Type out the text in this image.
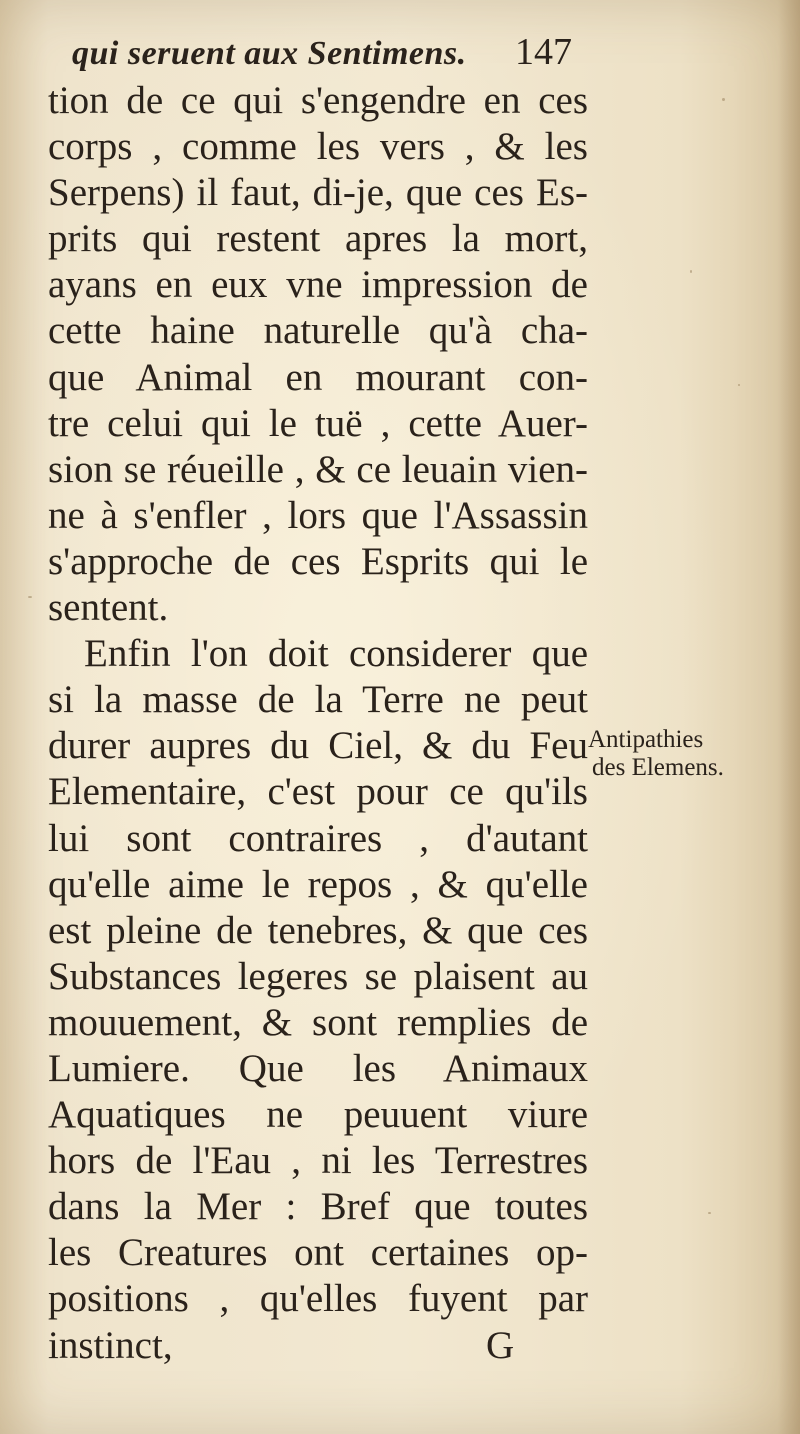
qui seruent aux Sentimens. 147
tion de ce qui s'engendre en ces
corps , comme les vers , & les
Serpens) il faut, di-je, que ces Es-
prits qui restent apres la mort,
ayans en eux vne impression de
cette haine naturelle qu'à cha-
que Animal en mourant con-
tre celui qui le tuë , cette Auer-
sion se réueille , & ce leuain vien-
ne à s'enfler , lors que l'Assassin
s'approche de ces Esprits qui le
sentent.
Enfin l'on doit considerer que
si la masse de la Terre ne peut
durer aupres du Ciel, & du Feu
Elementaire, c'est pour ce qu'ils
lui sont contraires , d'autant
qu'elle aime le repos , & qu'elle
est pleine de tenebres, & que ces
Substances legeres se plaisent au
mouuement, & sont remplies de
Lumiere. Que les Animaux
Aquatiques ne peuuent viure
hors de l'Eau , ni les Terrestres
dans la Mer : Bref que toutes
les Creatures ont certaines op-
positions , qu'elles fuyent par
instinct,	G
Antipathies
des Elemens.
